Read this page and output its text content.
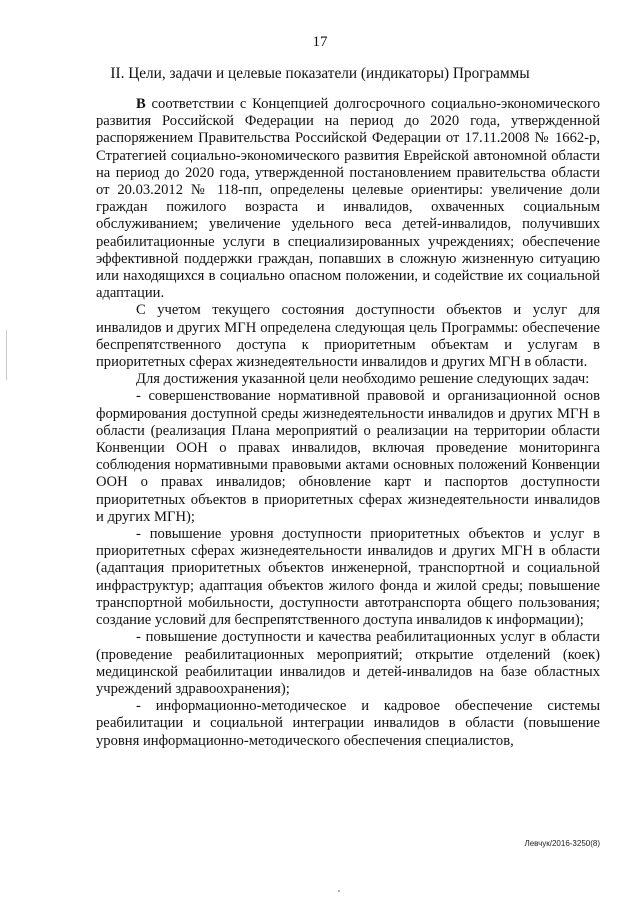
17
II. Цели, задачи и целевые показатели (индикаторы) Программы

В соответствии с Концепцией долгосрочного социально-экономического развития Российской Федерации на период до 2020 года, утвержденной распоряжением Правительства Российской Федерации от 17.11.2008 № 1662-р, Стратегией социально-экономического развития Еврейской автономной области на период до 2020 года, утвержденной постановлением правительства области от 20.03.2012 № 118-пп, определены целевые ориентиры: увеличение доли граждан пожилого возраста и инвалидов, охваченных социальным обслуживанием; увеличение удельного веса детей-инвалидов, получивших реабилитационные услуги в специализированных учреждениях; обеспечение эффективной поддержки граждан, попавших в сложную жизненную ситуацию или находящихся в социально опасном положении, и содействие их социальной адаптации.

С учетом текущего состояния доступности объектов и услуг для инвалидов и других МГН определена следующая цель Программы: обеспечение беспрепятственного доступа к приоритетным объектам и услугам в приоритетных сферах жизнедеятельности инвалидов и других МГН в области.

Для достижения указанной цели необходимо решение следующих задач:

- совершенствование нормативной правовой и организационной основ формирования доступной среды жизнедеятельности инвалидов и других МГН в области (реализация Плана мероприятий о реализации на территории области Конвенции ООН о правах инвалидов, включая проведение мониторинга соблюдения нормативными правовыми актами основных положений Конвенции ООН о правах инвалидов; обновление карт и паспортов доступности приоритетных объектов в приоритетных сферах жизнедеятельности инвалидов и других МГН);

- повышение уровня доступности приоритетных объектов и услуг в приоритетных сферах жизнедеятельности инвалидов и других МГН в области (адаптация приоритетных объектов инженерной, транспортной и социальной инфраструктур; адаптация объектов жилого фонда и жилой среды; повышение транспортной мобильности, доступности автотранспорта общего пользования; создание условий для беспрепятственного доступа инвалидов к информации);

- повышение доступности и качества реабилитационных услуг в области (проведение реабилитационных мероприятий; открытие отделений (коек) медицинской реабилитации инвалидов и детей-инвалидов на базе областных учреждений здравоохранения);

- информационно-методическое и кадровое обеспечение системы реабилитации и социальной интеграции инвалидов в области (повышение уровня информационно-методического обеспечения специалистов,

Левчук/2016-3250(8)
